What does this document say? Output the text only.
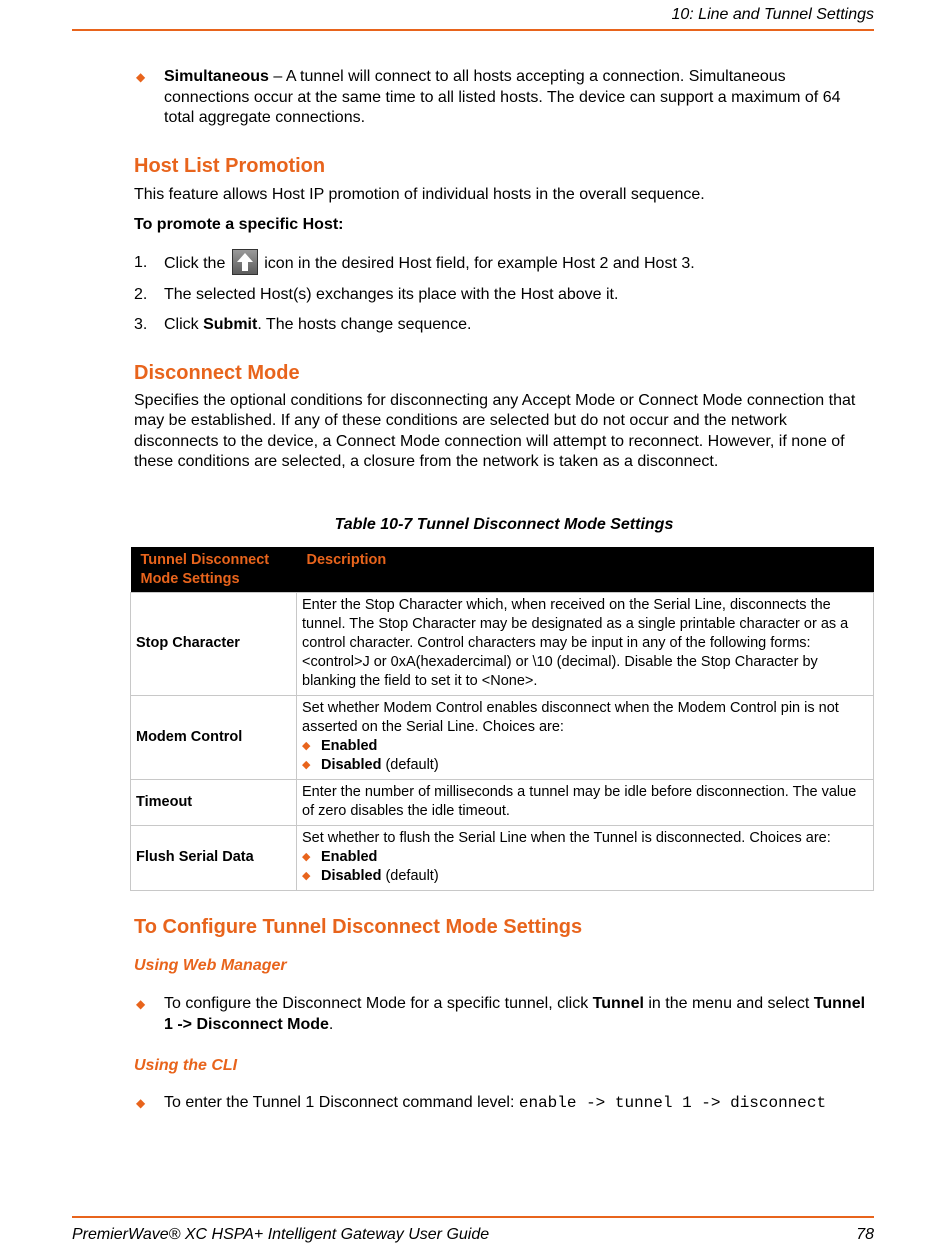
10: Line and Tunnel Settings
◆ Simultaneous – A tunnel will connect to all hosts accepting a connection. Simultaneous connections occur at the same time to all listed hosts. The device can support a maximum of 64 total aggregate connections.
Host List Promotion

This feature allows Host IP promotion of individual hosts in the overall sequence.

To promote a specific Host:

1. Click the
icon in the desired Host field, for example Host 2 and Host 3.
2. The selected Host(s) exchanges its place with the Host above it.
3. Click Submit. The hosts change sequence.
Disconnect Mode

Specifies the optional conditions for disconnecting any Accept Mode or Connect Mode connection that may be established. If any of these conditions are selected but do not occur and the network disconnects to the device, a Connect Mode connection will attempt to reconnect. However, if none of these conditions are selected, a closure from the network is taken as a disconnect.

Table 10-7 Tunnel Disconnect Mode Settings
Tunnel Disconnect Mode Settings	Description
Stop Character	Enter the Stop Character which, when received on the Serial Line, disconnects the tunnel. The Stop Character may be designated as a single printable character or as a control character. Control characters may be input in any of the following forms: <control>J or 0xA(hexadercimal) or \10 (decimal). Disable the Stop Character by blanking the field to set it to <None>.
Modem Control	Set whether Modem Control enables disconnect when the Modem Control pin is not asserted on the Serial Line. Choices are:
◆ Enabled
◆ Disabled (default)

Timeout	Enter the number of milliseconds a tunnel may be idle before disconnection. The value of zero disables the idle timeout.
Flush Serial Data	Set whether to flush the Serial Line when the Tunnel is disconnected. Choices are:
◆ Enabled
◆ Disabled (default)
To Configure Tunnel Disconnect Mode Settings
Using Web Manager
◆ To configure the Disconnect Mode for a specific tunnel, click Tunnel in the menu and select Tunnel 1 -> Disconnect Mode.
Using the CLI
◆ To enter the Tunnel 1 Disconnect command level: enable -> tunnel 1 -> disconnect
PremierWave® XC HSPA+ Intelligent Gateway User Guide	78
